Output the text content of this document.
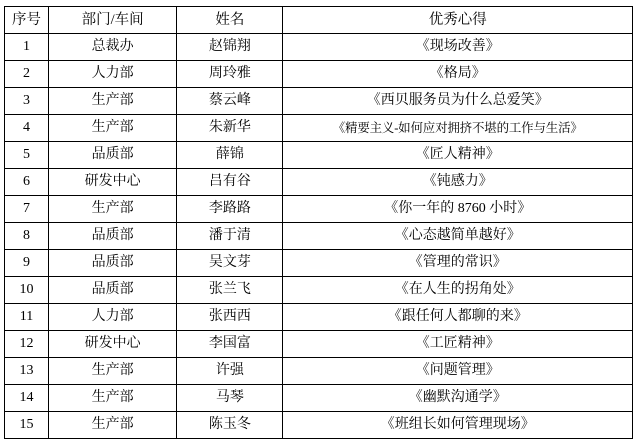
序号	部门/车间	姓名	优秀心得
1	总裁办	赵锦翔	《现场改善》
2	人力部	周玲雅	《格局》
3	生产部	蔡云峰	《西贝服务员为什么总爱笑》
4	生产部	朱新华	《精要主义-如何应对拥挤不堪的工作与生活》
5	品质部	薛锦	《匠人精神》
6	研发中心	吕有谷	《钝感力》
7	生产部	李路路	《你一年的 8760 小时》
8	品质部	潘于清	《心态越简单越好》
9	品质部	吴文芽	《管理的常识》
10	品质部	张兰飞	《在人生的拐角处》
11	人力部	张西西	《跟任何人都聊的来》
12	研发中心	李国富	《工匠精神》
13	生产部	许强	《问题管理》
14	生产部	马琴	《幽默沟通学》
15	生产部	陈玉冬	《班组长如何管理现场》
